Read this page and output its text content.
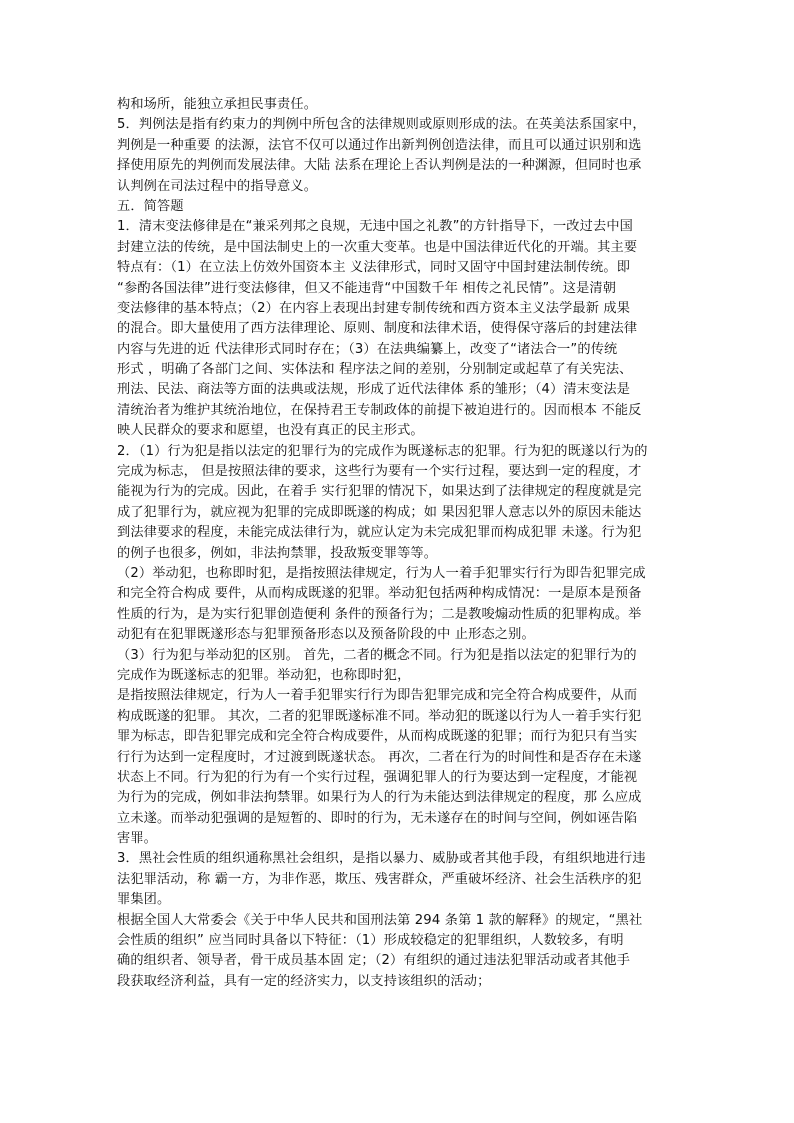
构和场所，能独立承担民事责任。
5．判例法是指有约束力的判例中所包含的法律规则或原则形成的法。在英美法系国家中，
判例是一种重要 的法源，法官不仅可以通过作出新判例创造法律，而且可以通过识别和选
择使用原先的判例而发展法律。大陆 法系在理论上否认判例是法的一种渊源，但同时也承
认判例在司法过程中的指导意义。
五．简答题
1．清末变法修律是在“兼采列邦之良规，无违中国之礼教”的方针指导下，一改过去中国
封建立法的传统，是中国法制史上的一次重大变革。也是中国法律近代化的开端。其主要
特点有：（1）在立法上仿效外国资本主 义法律形式，同时又固守中国封建法制传统。即
“参酌各国法律”进行变法修律，但又不能违背“中国数千年 相传之礼民情”。这是清朝
变法修律的基本特点；（2）在内容上表现出封建专制传统和西方资本主义法学最新 成果
的混合。即大量使用了西方法律理论、原则、制度和法律术语，使得保守落后的封建法律
内容与先进的近 代法律形式同时存在；（3）在法典编纂上，改变了“诸法合一”的传统
形式 ，明确了各部门之间、实体法和 程序法之间的差别，分别制定或起草了有关宪法、
刑法、民法、商法等方面的法典或法规，形成了近代法律体 系的雏形；（4）清末变法是
清统治者为维护其统治地位，在保持君王专制政体的前提下被迫进行的。因而根本 不能反
映人民群众的要求和愿望，也没有真正的民主形式。
2．（1）行为犯是指以法定的犯罪行为的完成作为既遂标志的犯罪。行为犯的既遂以行为的
完成为标志， 但是按照法律的要求，这些行为要有一个实行过程，要达到一定的程度，才
能视为行为的完成。因此，在着手 实行犯罪的情况下，如果达到了法律规定的程度就是完
成了犯罪行为，就应视为犯罪的完成即既遂的构成；如 果因犯罪人意志以外的原因未能达
到法律要求的程度，未能完成法律行为，就应认定为未完成犯罪而构成犯罪 未遂。行为犯
的例子也很多，例如，非法拘禁罪，投敌叛变罪等等。
（2）举动犯，也称即时犯，是指按照法律规定，行为人一着手犯罪实行行为即告犯罪完成
和完全符合构成 要件，从而构成既遂的犯罪。举动犯包括两种构成情况：一是原本是预备
性质的行为，是为实行犯罪创造便利 条件的预备行为；二是教唆煽动性质的犯罪构成。举
动犯有在犯罪既遂形态与犯罪预备形态以及预备阶段的中 止形态之别。
（3）行为犯与举动犯的区别。 首先，二者的概念不同。行为犯是指以法定的犯罪行为的
完成作为既遂标志的犯罪。举动犯，也称即时犯，
是指按照法律规定，行为人一着手犯罪实行行为即告犯罪完成和完全符合构成要件，从而
构成既遂的犯罪。 其次，二者的犯罪既遂标准不同。举动犯的既遂以行为人一着手实行犯
罪为标志，即告犯罪完成和完全符合构成要件，从而构成既遂的犯罪；而行为犯只有当实
行行为达到一定程度时，才过渡到既遂状态。 再次，二者在行为的时间性和是否存在未遂
状态上不同。行为犯的行为有一个实行过程，强调犯罪人的行为要达到一定程度，才能视
为行为的完成，例如非法拘禁罪。如果行为人的行为未能达到法律规定的程度，那 么应成
立未遂。而举动犯强调的是短暂的、即时的行为，无未遂存在的时间与空间，例如诬告陷
害罪。
3．黑社会性质的组织通称黑社会组织，是指以暴力、威胁或者其他手段，有组织地进行违
法犯罪活动，称 霸一方，为非作恶，欺压、残害群众，严重破坏经济、社会生活秩序的犯
罪集团。
根据全国人大常委会《关于中华人民共和国刑法第 294 条第 1 款的解释》的规定，“黑社
会性质的组织” 应当同时具备以下特征：（1）形成较稳定的犯罪组织，人数较多，有明
确的组织者、领导者，骨干成员基本固 定；（2）有组织的通过违法犯罪活动或者其他手
段获取经济利益，具有一定的经济实力，以支持该组织的活动；
